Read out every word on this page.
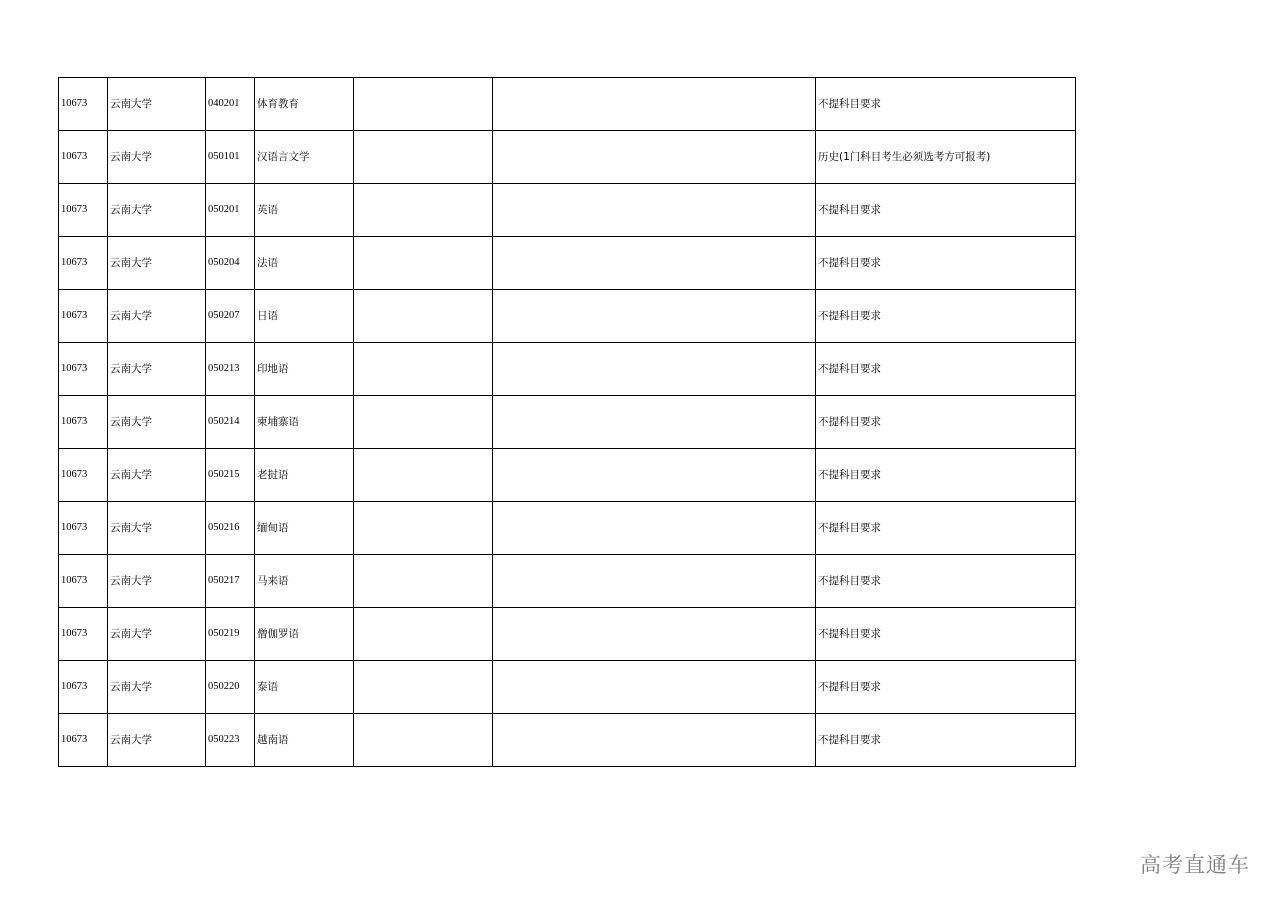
10673	云南大学	040201	体育教育			不提科目要求
10673	云南大学	050101	汉语言文学			历史(1门科目考生必须选考方可报考)
10673	云南大学	050201	英语			不提科目要求
10673	云南大学	050204	法语			不提科目要求
10673	云南大学	050207	日语			不提科目要求
10673	云南大学	050213	印地语			不提科目要求
10673	云南大学	050214	柬埔寨语			不提科目要求
10673	云南大学	050215	老挝语			不提科目要求
10673	云南大学	050216	缅甸语			不提科目要求
10673	云南大学	050217	马来语			不提科目要求
10673	云南大学	050219	僧伽罗语			不提科目要求
10673	云南大学	050220	泰语			不提科目要求
10673	云南大学	050223	越南语			不提科目要求
高考直通车
